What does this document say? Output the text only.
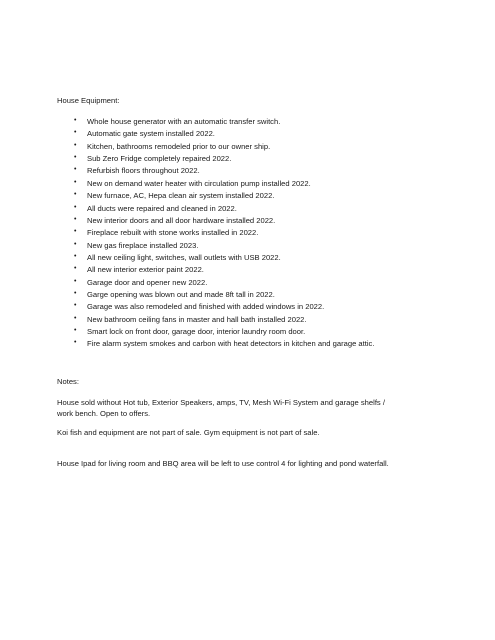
House Equipment:
• Whole house generator with an automatic transfer switch.
• Automatic gate system installed 2022.
• Kitchen, bathrooms remodeled prior to our owner ship.
• Sub Zero Fridge completely repaired 2022.
• Refurbish floors throughout 2022.
• New on demand water heater with circulation pump installed 2022.
• New furnace, AC, Hepa clean air system installed 2022.
• All ducts were repaired and cleaned in 2022.
• New interior doors and all door hardware installed 2022.
• Fireplace rebuilt with stone works installed in 2022.
• New gas fireplace installed 2023.
• All new ceiling light, switches, wall outlets with USB 2022.
• All new interior exterior paint 2022.
• Garage door and opener new 2022.
• Garge opening was blown out and made 8ft tall in 2022.
• Garage was also remodeled and finished with added windows in 2022.
• New bathroom ceiling fans in master and hall bath installed 2022.
• Smart lock on front door, garage door, interior laundry room door.
• Fire alarm system smokes and carbon with heat detectors in kitchen and garage attic.
Notes:
House sold without Hot tub, Exterior Speakers, amps, TV, Mesh Wi-Fi System and garage shelfs / work bench. Open to offers.
Koi fish and equipment are not part of sale. Gym equipment is not part of sale.
House Ipad for living room and BBQ area will be left to use control 4 for lighting and pond waterfall.
